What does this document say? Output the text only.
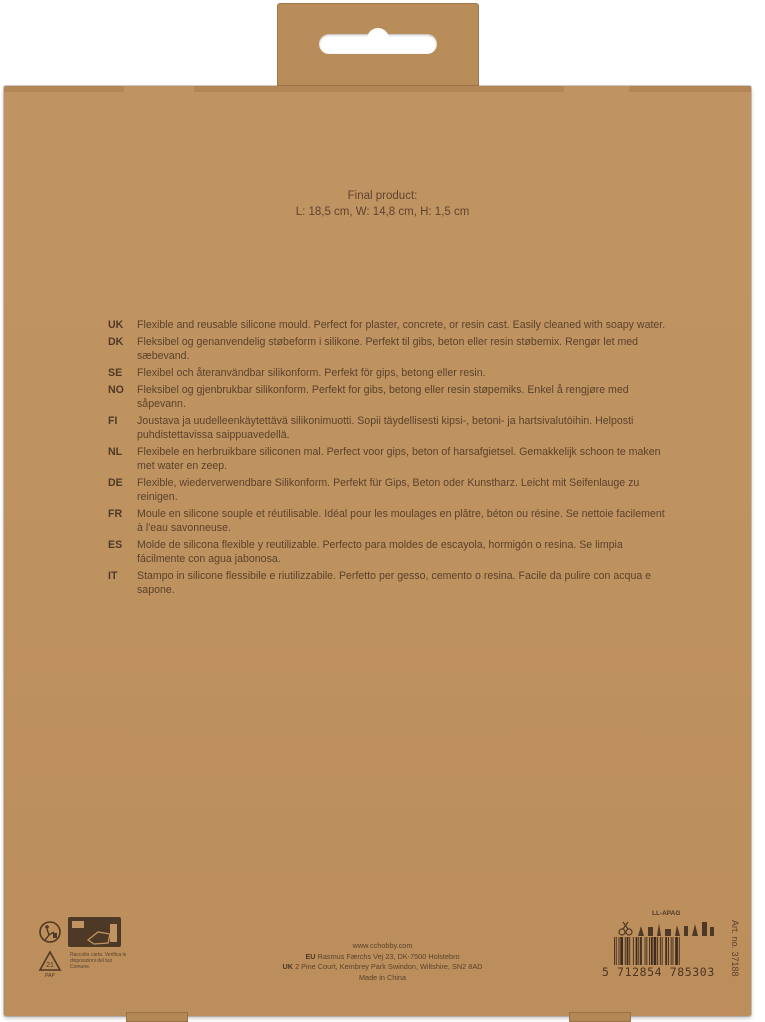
Final product:
L: 18,5 cm, W: 14,8 cm, H: 1,5 cm
UK	Flexible and reusable silicone mould. Perfect for plaster, concrete, or resin cast. Easily cleaned with soapy water.
DK	Fleksibel og genanvendelig støbeform i silikone. Perfekt til gibs, beton eller resin støbemix. Rengør let med sæbevand.
SE	Flexibel och återanvändbar silikonform. Perfekt för gips, betong eller resin.
NO	Fleksibel og gjenbrukbar silikonform. Perfekt for gibs, betong eller resin støpemiks. Enkel å rengjøre med såpevann.
FI	Joustava ja uudelleenkäytettävä silikonimuotti. Sopii täydellisesti kipsi-, betoni- ja hartsivalutöihin. Helposti puhdistettavissa saippuavedellä.
NL	Flexibele en herbruikbare siliconen mal. Perfect voor gips, beton of harsafgietsel. Gemakkelijk schoon te maken met water en zeep.
DE	Flexible, wiederverwendbare Silikonform. Perfekt für Gips, Beton oder Kunstharz. Leicht mit Seifenlauge zu reinigen.
FR	Moule en silicone souple et réutilisable. Idéal pour les moulages en plâtre, béton ou résine. Se nettoie facilement à l'eau savonneuse.
ES	Molde de silicona flexible y reutilizable. Perfecto para moldes de escayola, hormigón o resina. Se limpia fácilmente con agua jabonosa.
IT	Stampo in silicone flessibile e riutilizzabile. Perfetto per gesso, cemento o resina. Facile da pulire con acqua e sapone.
21
PAP
Raccolta carta. Verifica le disposizioni del tuo Comune.
www.cchobby.com
EU Rasmus Færchs Vej 23, DK-7500 Holstebro
UK 2 Pine Court, Kembrey Park Swindon, Wiltshire, SN2 8AD
Made in China
LL-APAG
5 712854 785303 Art. no. 37188
